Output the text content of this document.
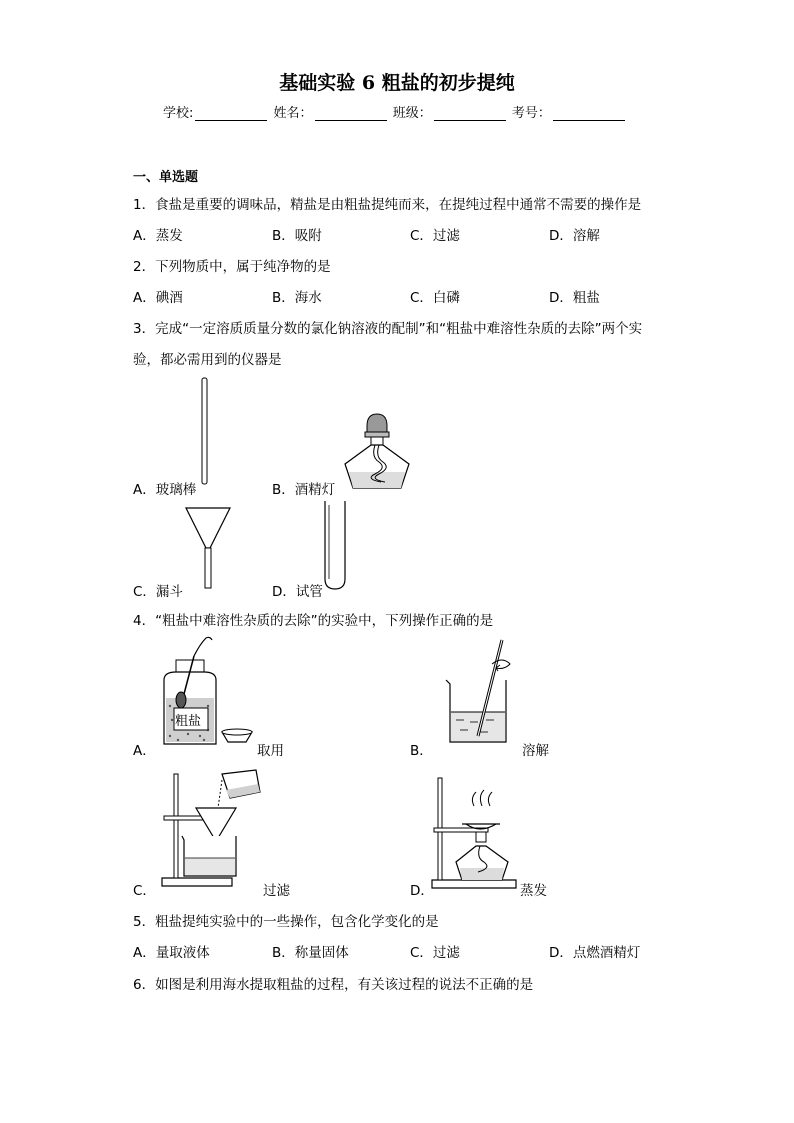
基础实验 6 粗盐的初步提纯
学校:	姓名：	班级：	考号：
一、单选题
1．食盐是重要的调味品，精盐是由粗盐提纯而来，在提纯过程中通常不需要的操作是
A．蒸发	B．吸附	C．过滤	D．溶解
2．下列物质中，属于纯净物的是
A．碘酒	B．海水	C．白磷	D．粗盐
3．完成“一定溶质质量分数的氯化钠溶液的配制”和“粗盐中难溶性杂质的去除”两个实
验，都必需用到的仪器是
A．玻璃棒	B．酒精灯
C．漏斗	D．试管
4．“粗盐中难溶性杂质的去除”的实验中，下列操作正确的是
粗盐
A．	取用	B．	溶解
C．	过滤	D．	蒸发
5．粗盐提纯实验中的一些操作，包含化学变化的是
A．量取液体	B．称量固体	C．过滤	D．点燃酒精灯
6．如图是利用海水提取粗盐的过程，有关该过程的说法不正确的是
